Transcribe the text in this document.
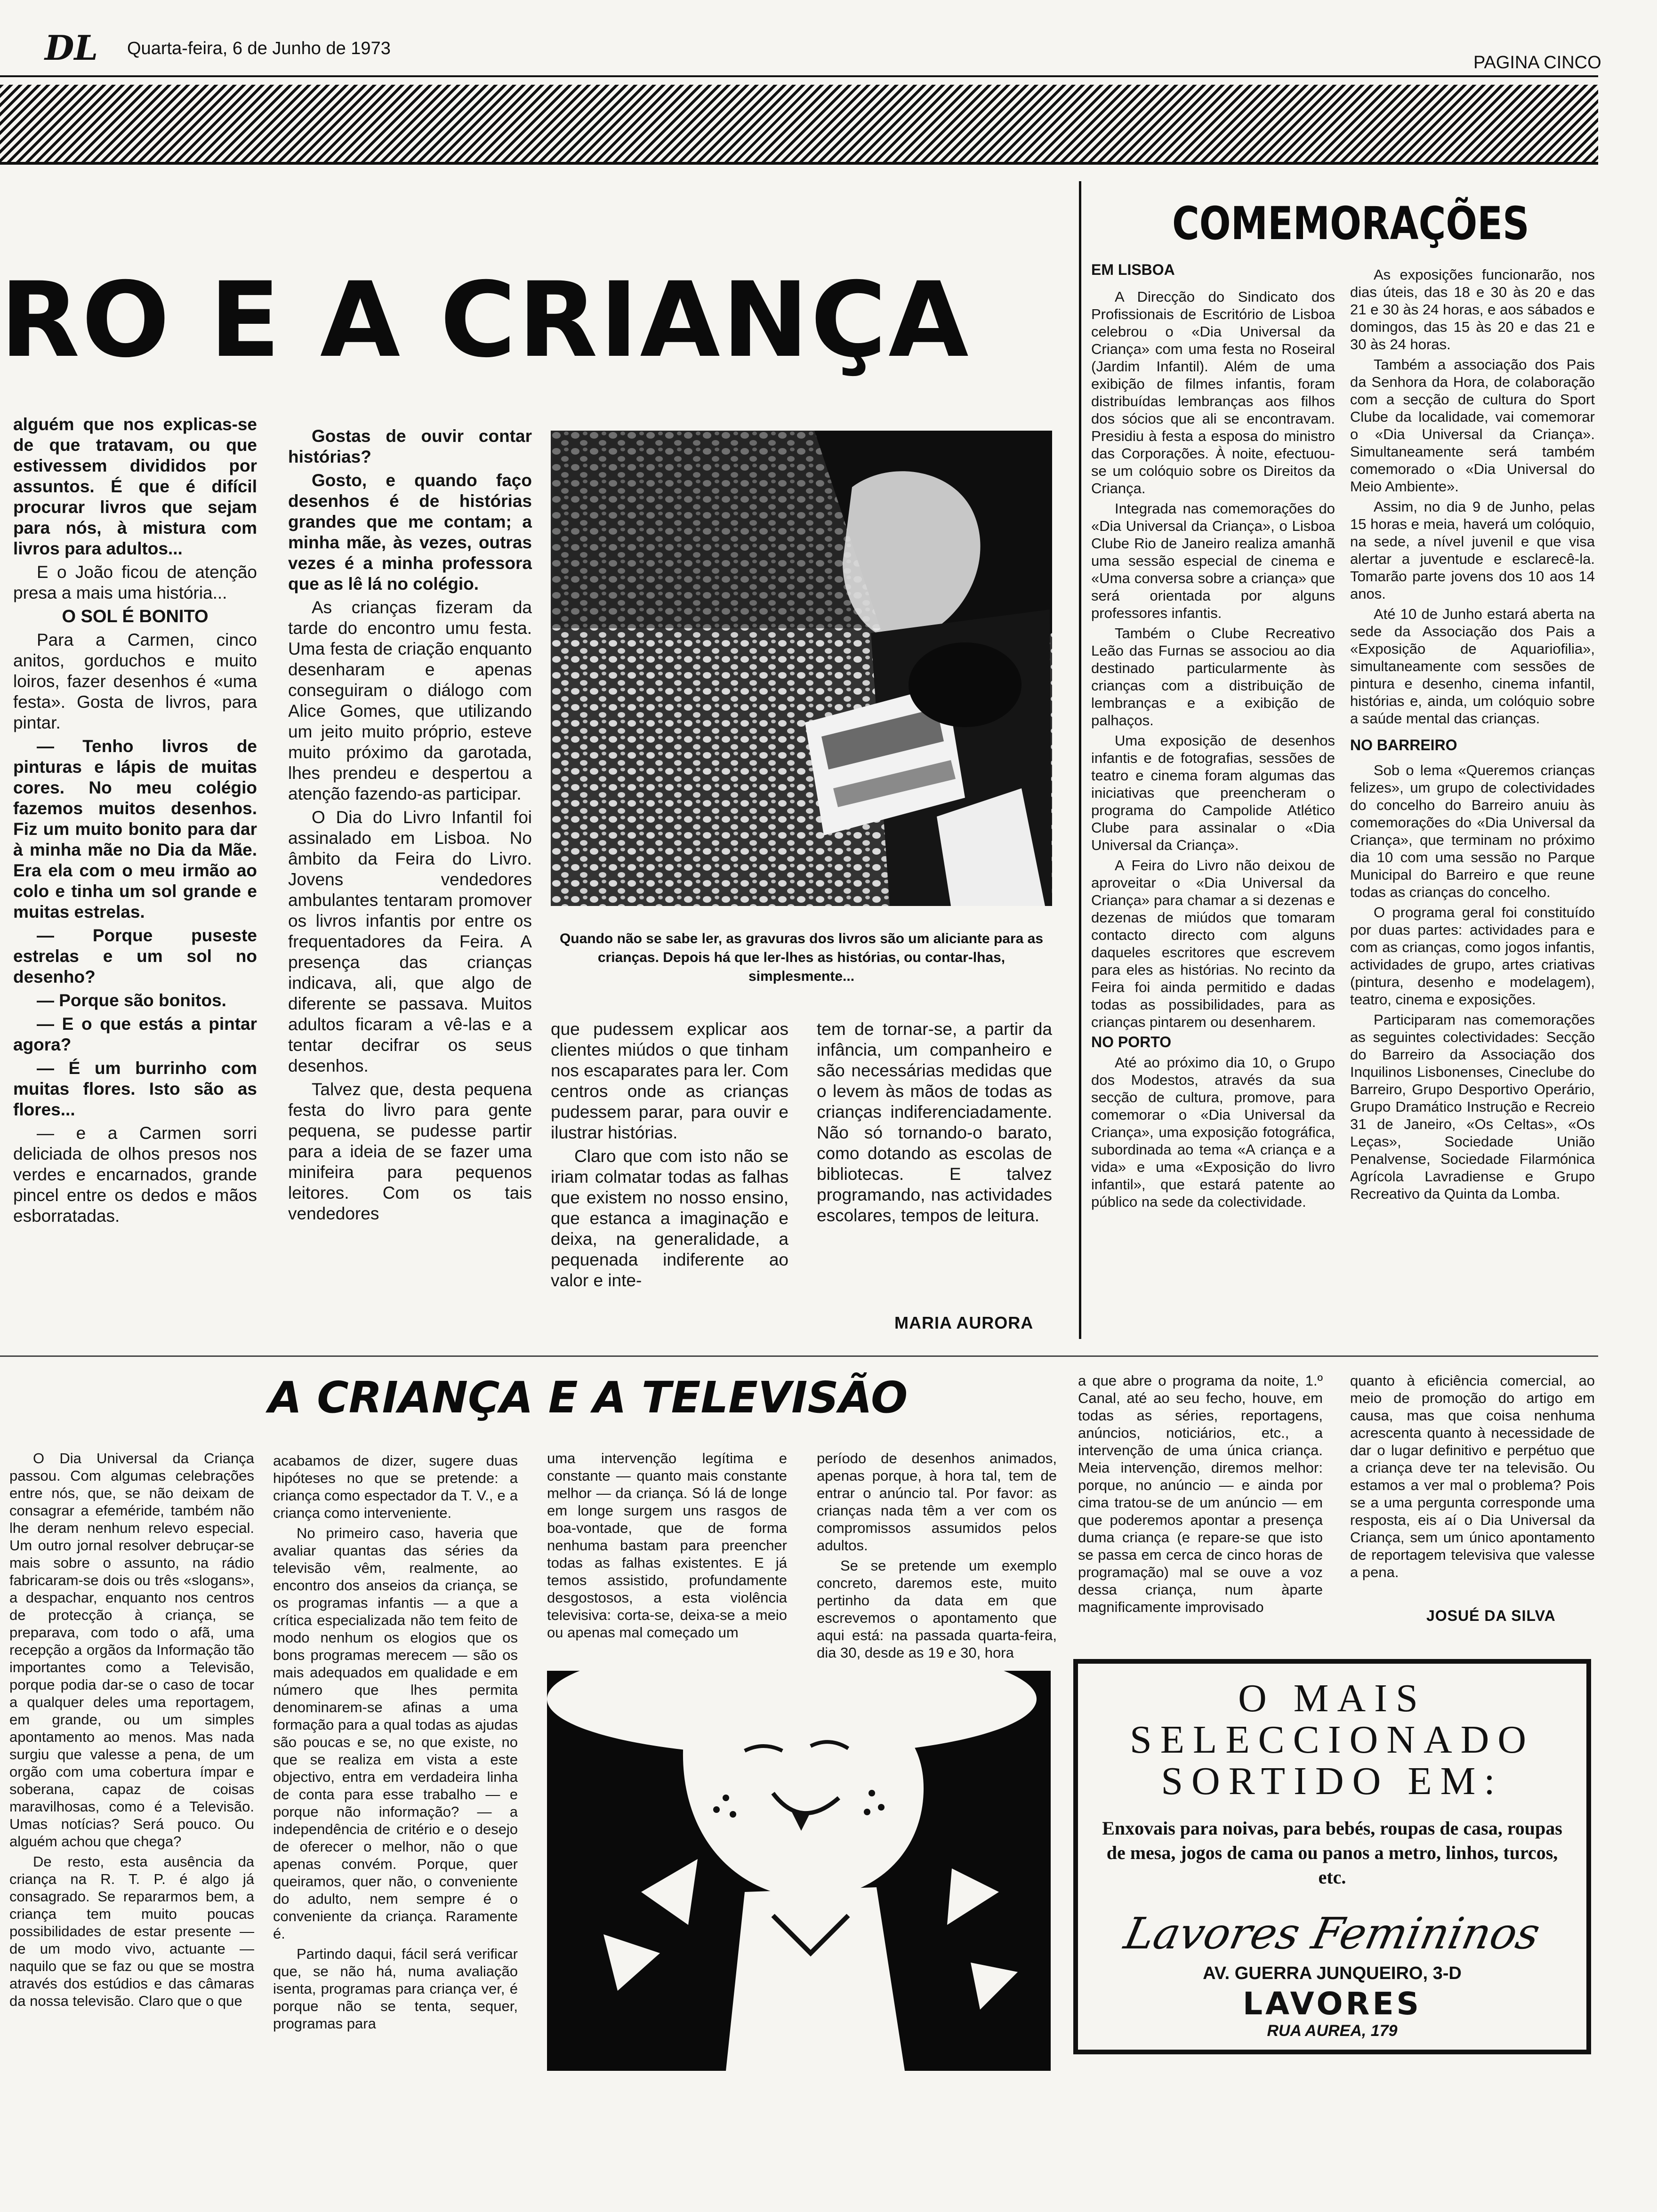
DL Quarta-feira, 6 de Junho de 1973
PAGINA CINCO
RO E A CRIANÇA

alguém que nos explicas-se de que tratavam, ou que estivessem divididos por assuntos. É que é difícil procurar livros que sejam para nós, à mistura com livros para adultos...

E o João ficou de atenção presa a mais uma história...

O SOL É BONITO

Para a Carmen, cinco anitos, gorduchos e muito loiros, fazer desenhos é «uma festa». Gosta de livros, para pintar.

— Tenho livros de pinturas e lápis de muitas cores. No meu colégio fazemos muitos desenhos. Fiz um muito bonito para dar à minha mãe no Dia da Mãe. Era ela com o meu irmão ao colo e tinha um sol grande e muitas estrelas.

— Porque puseste estrelas e um sol no desenho?

— Porque são bonitos.

— E o que estás a pintar agora?

— É um burrinho com muitas flores. Isto são as flores...

— e a Carmen sorri deliciada de olhos presos nos verdes e encarnados, grande pincel entre os dedos e mãos esborratadas.

Gostas de ouvir contar histórias?

Gosto, e quando faço desenhos é de histórias grandes que me contam; a minha mãe, às vezes, outras vezes é a minha professora que as lê lá no colégio.

As crianças fizeram da tarde do encontro umu festa. Uma festa de criação enquanto desenharam e apenas conseguiram o diálogo com Alice Gomes, que utilizando um jeito muito próprio, esteve muito próximo da garotada, lhes prendeu e despertou a atenção fazendo-as participar.

O Dia do Livro Infantil foi assinalado em Lisboa. No âmbito da Feira do Livro. Jovens vendedores ambulantes tentaram promover os livros infantis por entre os frequentadores da Feira. A presença das crianças indicava, ali, que algo de diferente se passava. Muitos adultos ficaram a vê-las e a tentar decifrar os seus desenhos.

Talvez que, desta pequena festa do livro para gente pequena, se pudesse partir para a ideia de se fazer uma minifeira para pequenos leitores. Com os tais vendedores

Quando não se sabe ler, as gravuras dos livros são um aliciante para as crianças. Depois há que ler-lhes as histórias, ou contar-lhas, simplesmente...

que pudessem explicar aos clientes miúdos o que tinham nos escaparates para ler. Com centros onde as crianças pudessem parar, para ouvir e ilustrar histórias.

Claro que com isto não se iriam colmatar todas as falhas que existem no nosso ensino, que estanca a imaginação e deixa, na generalidade, a pequenada indiferente ao valor e inte-

tem de tornar-se, a partir da infância, um companheiro e são necessárias medidas que o levem às mãos de todas as crianças indiferenciadamente. Não só tornando-o barato, como dotando as escolas de bibliotecas. E talvez programando, nas actividades escolares, tempos de leitura.

MARIA AURORA
COMEMORAÇÕES

EM LISBOA

A Direcção do Sindicato dos Profissionais de Escritório de Lisboa celebrou o «Dia Universal da Criança» com uma festa no Roseiral (Jardim Infantil). Além de uma exibição de filmes infantis, foram distribuídas lembranças aos filhos dos sócios que ali se encontravam. Presidiu à festa a esposa do ministro das Corporações. À noite, efectuou-se um colóquio sobre os Direitos da Criança.

Integrada nas comemorações do «Dia Universal da Criança», o Lisboa Clube Rio de Janeiro realiza amanhã uma sessão especial de cinema e «Uma conversa sobre a criança» que será orientada por alguns professores infantis.

Também o Clube Recreativo Leão das Furnas se associou ao dia destinado particularmente às crianças com a distribuição de lembranças e a exibição de palhaços.

Uma exposição de desenhos infantis e de fotografias, sessões de teatro e cinema foram algumas das iniciativas que preencheram o programa do Campolide Atlético Clube para assinalar o «Dia Universal da Criança».

A Feira do Livro não deixou de aproveitar o «Dia Universal da Criança» para chamar a si dezenas e dezenas de miúdos que tomaram contacto directo com alguns daqueles escritores que escrevem para eles as histórias. No recinto da Feira foi ainda permitido e dadas todas as possibilidades, para as crianças pintarem ou desenharem.

NO PORTO

Até ao próximo dia 10, o Grupo dos Modestos, através da sua secção de cultura, promove, para comemorar o «Dia Universal da Criança», uma exposição fotográfica, subordinada ao tema «A criança e a vida» e uma «Exposição do livro infantil», que estará patente ao público na sede da colectividade.

As exposições funcionarão, nos dias úteis, das 18 e 30 às 20 e das 21 e 30 às 24 horas, e aos sábados e domingos, das 15 às 20 e das 21 e 30 às 24 horas.

Também a associação dos Pais da Senhora da Hora, de colaboração com a secção de cultura do Sport Clube da localidade, vai comemorar o «Dia Universal da Criança». Simultaneamente será também comemorado o «Dia Universal do Meio Ambiente».

Assim, no dia 9 de Junho, pelas 15 horas e meia, haverá um colóquio, na sede, a nível juvenil e que visa alertar a juventude e esclarecê-la. Tomarão parte jovens dos 10 aos 14 anos.

Até 10 de Junho estará aberta na sede da Associação dos Pais a «Exposição de Aquariofilia», simultaneamente com sessões de pintura e desenho, cinema infantil, histórias e, ainda, um colóquio sobre a saúde mental das crianças.

NO BARREIRO

Sob o lema «Queremos crianças felizes», um grupo de colectividades do concelho do Barreiro anuiu às comemorações do «Dia Universal da Criança», que terminam no próximo dia 10 com uma sessão no Parque Municipal do Barreiro e que reune todas as crianças do concelho.

O programa geral foi constituído por duas partes: actividades para e com as crianças, como jogos infantis, actividades de grupo, artes criativas (pintura, desenho e modelagem), teatro, cinema e exposições.

Participaram nas comemorações as seguintes colectividades: Secção do Barreiro da Associação dos Inquilinos Lisbonenses, Cineclube do Barreiro, Grupo Desportivo Operário, Grupo Dramático Instrução e Recreio 31 de Janeiro, «Os Celtas», «Os Leças», Sociedade União Penalvense, Sociedade Filarmónica Agrícola Lavradiense e Grupo Recreativo da Quinta da Lomba.

A CRIANÇA E A TELEVISÃO

O Dia Universal da Criança passou. Com algumas celebrações entre nós, que, se não deixam de consagrar a efeméride, também não lhe deram nenhum relevo especial. Um outro jornal resolver debruçar-se mais sobre o assunto, na rádio fabricaram-se dois ou três «slogans», a despachar, enquanto nos centros de protecção à criança, se preparava, com todo o afã, uma recepção a orgãos da Informação tão importantes como a Televisão, porque podia dar-se o caso de tocar a qualquer deles uma reportagem, em grande, ou um simples apontamento ao menos. Mas nada surgiu que valesse a pena, de um orgão com uma cobertura ímpar e soberana, capaz de coisas maravilhosas, como é a Televisão. Umas notícias? Será pouco. Ou alguém achou que chega?

De resto, esta ausência da criança na R. T. P. é algo já consagrado. Se repararmos bem, a criança tem muito poucas possibilidades de estar presente — de um modo vivo, actuante — naquilo que se faz ou que se mostra através dos estúdios e das câmaras da nossa televisão. Claro que o que

acabamos de dizer, sugere duas hipóteses no que se pretende: a criança como espectador da T. V., e a criança como interveniente.

No primeiro caso, haveria que avaliar quantas das séries da televisão vêm, realmente, ao encontro dos anseios da criança, se os programas infantis — a que a crítica especializada não tem feito de modo nenhum os elogios que os bons programas merecem — são os mais adequados em qualidade e em número que lhes permita denominarem-se afinas a uma formação para a qual todas as ajudas são poucas e se, no que existe, no que se realiza em vista a este objectivo, entra em verdadeira linha de conta para esse trabalho — e porque não informação? — a independência de critério e o desejo de oferecer o melhor, não o que apenas convém. Porque, quer queiramos, quer não, o conveniente do adulto, nem sempre é o conveniente da criança. Raramente é.

Partindo daqui, fácil será verificar que, se não há, numa avaliação isenta, programas para criança ver, é porque não se tenta, sequer, programas para

uma intervenção legítima e constante — quanto mais constante melhor — da criança. Só lá de longe em longe surgem uns rasgos de boa-vontade, que de forma nenhuma bastam para preencher todas as falhas existentes. E já temos assistido, profundamente desgostosos, a esta violência televisiva: corta-se, deixa-se a meio ou apenas mal começado um

período de desenhos animados, apenas porque, à hora tal, tem de entrar o anúncio tal. Por favor: as crianças nada têm a ver com os compromissos assumidos pelos adultos.

Se se pretende um exemplo concreto, daremos este, muito pertinho da data em que escrevemos o apontamento que aqui está: na passada quarta-feira, dia 30, desde as 19 e 30, hora

a que abre o programa da noite, 1.º Canal, até ao seu fecho, houve, em todas as séries, reportagens, anúncios, noticiários, etc., a intervenção de uma única criança. Meia intervenção, diremos melhor: porque, no anúncio — e ainda por cima tratou-se de um anúncio — em que poderemos apontar a presença duma criança (e repare-se que isto se passa em cerca de cinco horas de programação) mal se ouve a voz dessa criança, num àparte magnificamente improvisado

quanto à eficiência comercial, ao meio de promoção do artigo em causa, mas que coisa nenhuma acrescenta quanto à necessidade de dar o lugar definitivo e perpétuo que a criança deve ter na televisão. Ou estamos a ver mal o problema? Pois se a uma pergunta corresponde uma resposta, eis aí o Dia Universal da Criança, sem um único apontamento de reportagem televisiva que valesse a pena.

JOSUÉ DA SILVA
O MAIS SELECCIONADO SORTIDO EM:
Enxovais para noivas, para bebés, roupas de casa, roupas de mesa, jogos de cama ou panos a metro, linhos, turcos, etc.
Lavores Femininos
AV. GUERRA JUNQUEIRO, 3-D
LAVORES
RUA AUREA, 179
